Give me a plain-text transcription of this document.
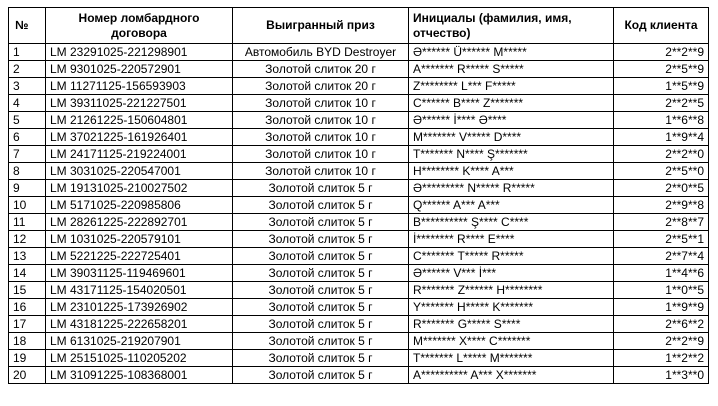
№	Номер ломбардного договора	Выигранный приз	Инициалы (фамилия, имя, отчество)	Код клиента
1	LM 23291025-221298901	Автомобиль BYD Destroyer	Ə****** Ü****** M*****	2**2**9
2	LM 9301025-220572901	Золотой слиток 20 г	A******* R***** S*****	2**5**9
3	LM 11271125-156593903	Золотой слиток 20 г	Z******** L*** F*****	1**5**9
4	LM 39311025-221227501	Золотой слиток 10 г	C****** B**** Z*******	2**2**5
5	LM 21261225-150604801	Золотой слиток 10 г	Ə****** İ**** Ə****	1**6**8
6	LM 37021225-161926401	Золотой слиток 10 г	M******* V***** D****	1**9**4
7	LM 24171125-219224001	Золотой слиток 10 г	T******* N**** Ş*******	2**2**0
8	LM 3031025-220547001	Золотой слиток 10 г	H******** K**** A***	2**5**0
9	LM 19131025-210027502	Золотой слиток 5 г	Ə********* N***** R*****	2**0**5
10	LM 5171025-220985806	Золотой слиток 5 г	Q****** A*** A***	2**9**8
11	LM 28261225-222892701	Золотой слиток 5 г	B********** Ş**** C****	2**8**7
12	LM 1031025-220579101	Золотой слиток 5 г	İ******** R**** E****	2**5**1
13	LM 5221225-222725401	Золотой слиток 5 г	C******* T***** R*****	2**7**4
14	LM 39031125-119469601	Золотой слиток 5 г	Ə****** V*** İ***	1**4**6
15	LM 43171125-154020501	Золотой слиток 5 г	R******* Z****** H********	1**0**5
16	LM 23101225-173926902	Золотой слиток 5 г	Y******* H***** K*******	1**9**9
17	LM 43181225-222658201	Золотой слиток 5 г	R******* G***** S****	2**6**2
18	LM 6131025-219207901	Золотой слиток 5 г	M******* X**** C*******	2**2**9
19	LM 25151025-110205202	Золотой слиток 5 г	T******* L***** M*******	1**2**2
20	LM 31091225-108368001	Золотой слиток 5 г	A********** A*** X*******	1**3**0
